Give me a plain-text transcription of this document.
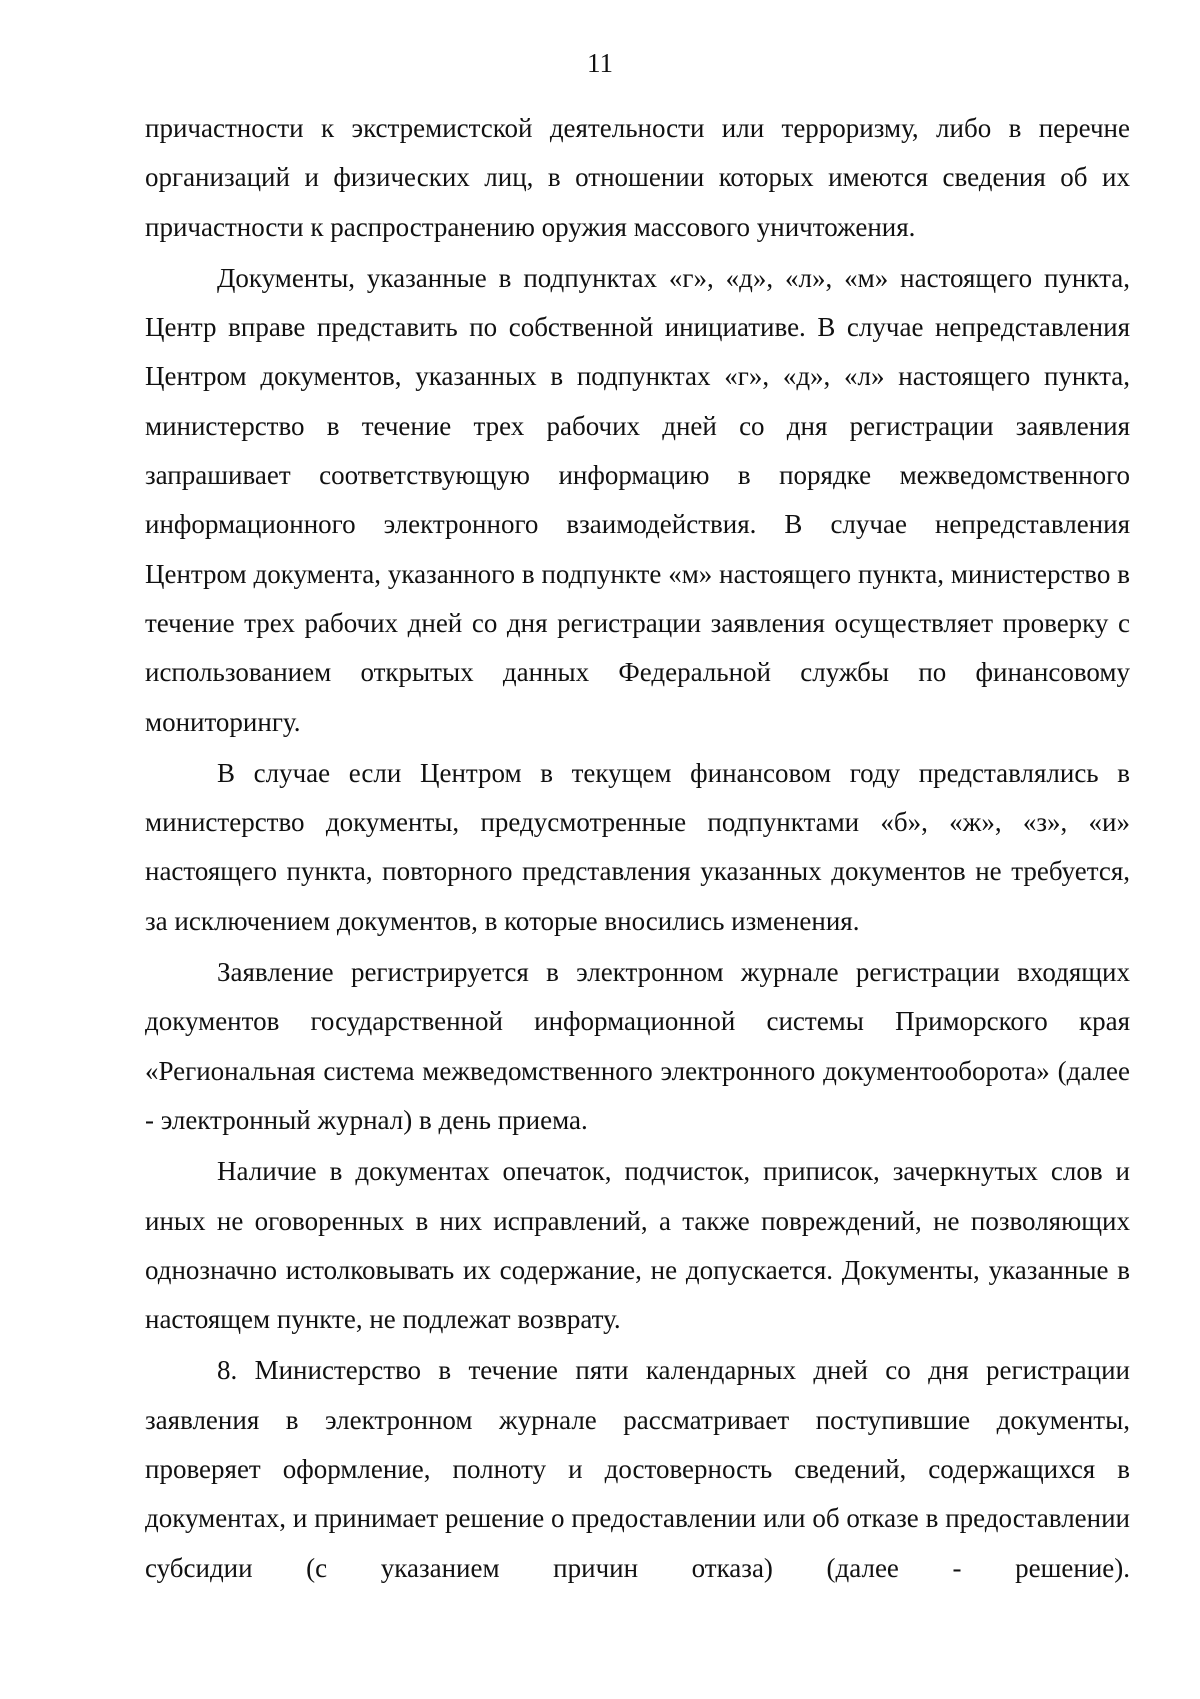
11

причастности к экстремистской деятельности или терроризму, либо в перечне организаций и физических лиц, в отношении которых имеются сведения об их причастности к распространению оружия массового уничтожения.

Документы, указанные в подпунктах «г», «д», «л», «м» настоящего пункта, Центр вправе представить по собственной инициативе. В случае непредставления Центром документов, указанных в подпунктах «г», «д», «л» настоящего пункта, министерство в течение трех рабочих дней со дня регистрации заявления запрашивает соответствующую информацию в порядке межведомственного информационного электронного взаимодействия. В случае непредставления Центром документа, указанного в подпункте «м» настоящего пункта, министерство в течение трех рабочих дней со дня регистрации заявления осуществляет проверку с использованием открытых данных Федеральной службы по финансовому мониторингу.

В случае если Центром в текущем финансовом году представлялись в министерство документы, предусмотренные подпунктами «б», «ж», «з», «и» настоящего пункта, повторного представления указанных документов не требуется, за исключением документов, в которые вносились изменения.

Заявление регистрируется в электронном журнале регистрации входящих документов государственной информационной системы Приморского края «Региональная система межведомственного электронного документооборота» (далее - электронный журнал) в день приема.

Наличие в документах опечаток, подчисток, приписок, зачеркнутых слов и иных не оговоренных в них исправлений, а также повреждений, не позволяющих однозначно истолковывать их содержание, не допускается. Документы, указанные в настоящем пункте, не подлежат возврату.

8. Министерство в течение пяти календарных дней со дня регистрации заявления в электронном журнале рассматривает поступившие документы, проверяет оформление, полноту и достоверность сведений, содержащихся в документах, и принимает решение о предоставлении или об отказе в предоставлении субсидии (с указанием причин отказа) (далее - решение).
